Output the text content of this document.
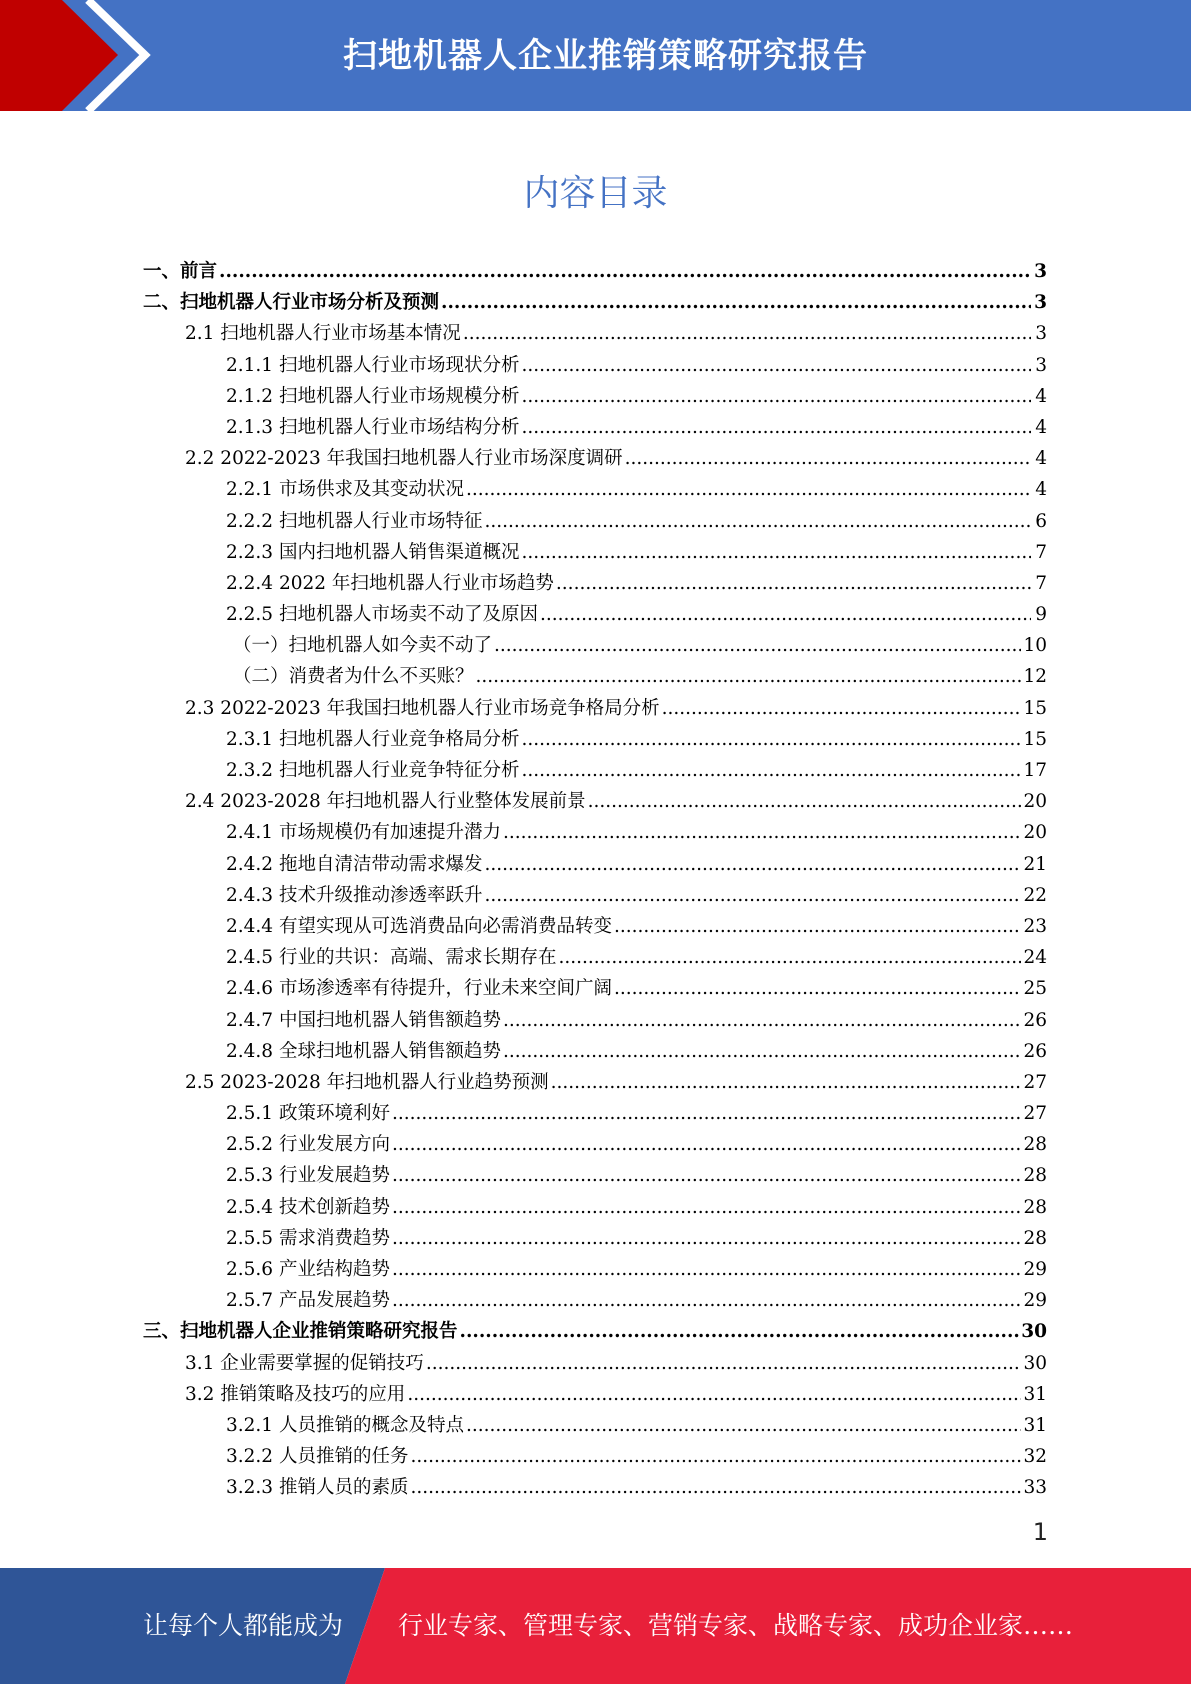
扫地机器人企业推销策略研究报告
内容目录
一、前言 .....	3
二、扫地机器人行业市场分析及预测 .....	3
2.1 扫地机器人行业市场基本情况 .....	3
2.1.1 扫地机器人行业市场现状分析 .....	3
2.1.2 扫地机器人行业市场规模分析 .....	4
2.1.3 扫地机器人行业市场结构分析 .....	4
2.2 2022-2023 年我国扫地机器人行业市场深度调研 .....	4
2.2.1 市场供求及其变动状况 .....	4
2.2.2 扫地机器人行业市场特征 .....	6
2.2.3 国内扫地机器人销售渠道概况 .....	7
2.2.4 2022 年扫地机器人行业市场趋势 .....	7
2.2.5 扫地机器人市场卖不动了及原因 .....	9
（一）扫地机器人如今卖不动了 .....	10
（二）消费者为什么不买账？ .....	12
2.3 2022-2023 年我国扫地机器人行业市场竞争格局分析 .....	15
2.3.1 扫地机器人行业竞争格局分析 .....	15
2.3.2 扫地机器人行业竞争特征分析 .....	17
2.4 2023-2028 年扫地机器人行业整体发展前景 .....	20
2.4.1 市场规模仍有加速提升潜力 .....	20
2.4.2 拖地自清洁带动需求爆发 .....	21
2.4.3 技术升级推动渗透率跃升 .....	22
2.4.4 有望实现从可选消费品向必需消费品转变 .....	23
2.4.5 行业的共识：高端、需求长期存在 .....	24
2.4.6 市场渗透率有待提升，行业未来空间广阔 .....	25
2.4.7 中国扫地机器人销售额趋势 .....	26
2.4.8 全球扫地机器人销售额趋势 .....	26
2.5 2023-2028 年扫地机器人行业趋势预测 .....	27
2.5.1 政策环境利好 .....	27
2.5.2 行业发展方向 .....	28
2.5.3 行业发展趋势 .....	28
2.5.4 技术创新趋势 .....	28
2.5.5 需求消费趋势 .....	28
2.5.6 产业结构趋势 .....	29
2.5.7 产品发展趋势 .....	29
三、扫地机器人企业推销策略研究报告 .....	30
3.1 企业需要掌握的促销技巧 .....	30
3.2 推销策略及技巧的应用 .....	31
3.2.1 人员推销的概念及特点 .....	31
3.2.2 人员推销的任务 .....	32
3.2.3 推销人员的素质 .....	33
1
让每个人都能成为 行业专家、管理专家、营销专家、战略专家、成功企业家……
